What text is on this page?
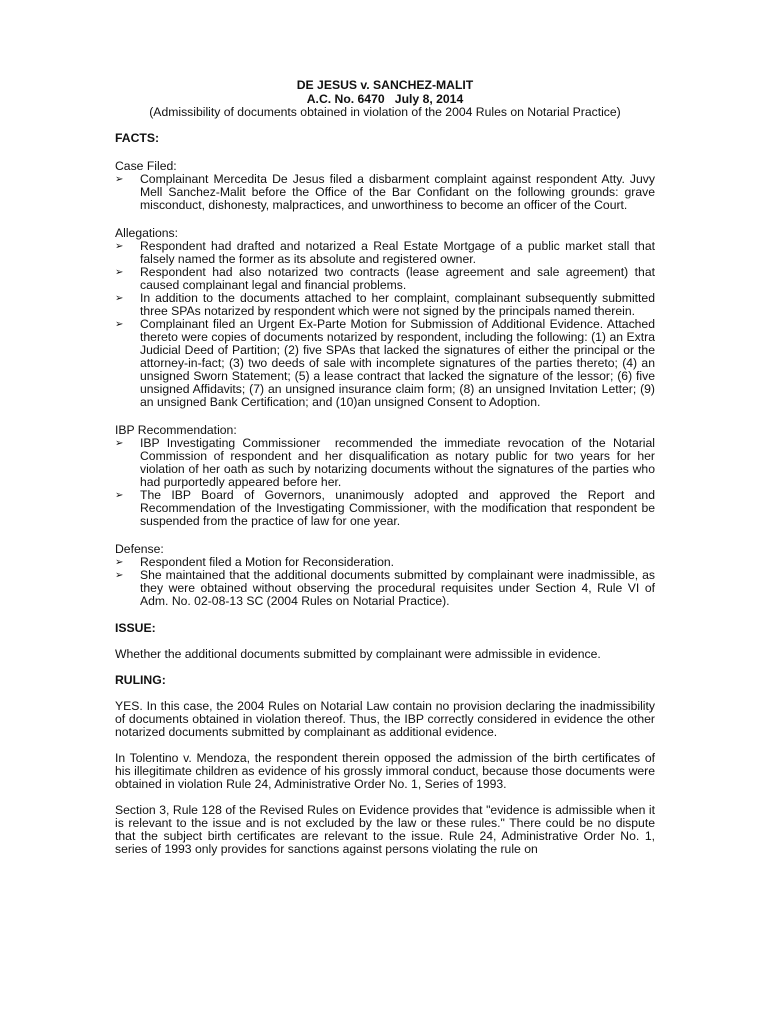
DE JESUS v. SANCHEZ-MALIT
A.C. No. 6470   July 8, 2014
(Admissibility of documents obtained in violation of the 2004 Rules on Notarial Practice)
FACTS:
Case Filed:
➢ Complainant Mercedita De Jesus filed a disbarment complaint against respondent Atty. Juvy Mell Sanchez-Malit before the Office of the Bar Confidant on the following grounds: grave misconduct, dishonesty, malpractices, and unworthiness to become an officer of the Court.
Allegations:
➢ Respondent had drafted and notarized a Real Estate Mortgage of a public market stall that falsely named the former as its absolute and registered owner.
➢ Respondent had also notarized two contracts (lease agreement and sale agreement) that caused complainant legal and financial problems.
➢ In addition to the documents attached to her complaint, complainant subsequently submitted three SPAs notarized by respondent which were not signed by the principals named therein.
➢ Complainant filed an Urgent Ex-Parte Motion for Submission of Additional Evidence. Attached thereto were copies of documents notarized by respondent, including the following: (1) an Extra Judicial Deed of Partition; (2) five SPAs that lacked the signatures of either the principal or the attorney-in-fact; (3) two deeds of sale with incomplete signatures of the parties thereto; (4) an unsigned Sworn Statement; (5) a lease contract that lacked the signature of the lessor; (6) five unsigned Affidavits; (7) an unsigned insurance claim form; (8) an unsigned Invitation Letter; (9) an unsigned Bank Certification; and (10)an unsigned Consent to Adoption.
IBP Recommendation:
➢ IBP Investigating Commissioner  recommended the immediate revocation of the Notarial Commission of respondent and her disqualification as notary public for two years for her violation of her oath as such by notarizing documents without the signatures of the parties who had purportedly appeared before her.
➢ The IBP Board of Governors, unanimously adopted and approved the Report and Recommendation of the Investigating Commissioner, with the modification that respondent be suspended from the practice of law for one year.
Defense:
➢ Respondent filed a Motion for Reconsideration.
➢ She maintained that the additional documents submitted by complainant were inadmissible, as they were obtained without observing the procedural requisites under Section 4, Rule VI of Adm. No. 02-08-13 SC (2004 Rules on Notarial Practice).
ISSUE:

Whether the additional documents submitted by complainant were admissible in evidence.

RULING:

YES. In this case, the 2004 Rules on Notarial Law contain no provision declaring the inadmissibility of documents obtained in violation thereof. Thus, the IBP correctly considered in evidence the other notarized documents submitted by complainant as additional evidence.

In Tolentino v. Mendoza, the respondent therein opposed the admission of the birth certificates of his illegitimate children as evidence of his grossly immoral conduct, because those documents were obtained in violation Rule 24, Administrative Order No. 1, Series of 1993.

Section 3, Rule 128 of the Revised Rules on Evidence provides that "evidence is admissible when it is relevant to the issue and is not excluded by the law or these rules." There could be no dispute that the subject birth certificates are relevant to the issue. Rule 24, Administrative Order No. 1, series of 1993 only provides for sanctions against persons violating the rule on
